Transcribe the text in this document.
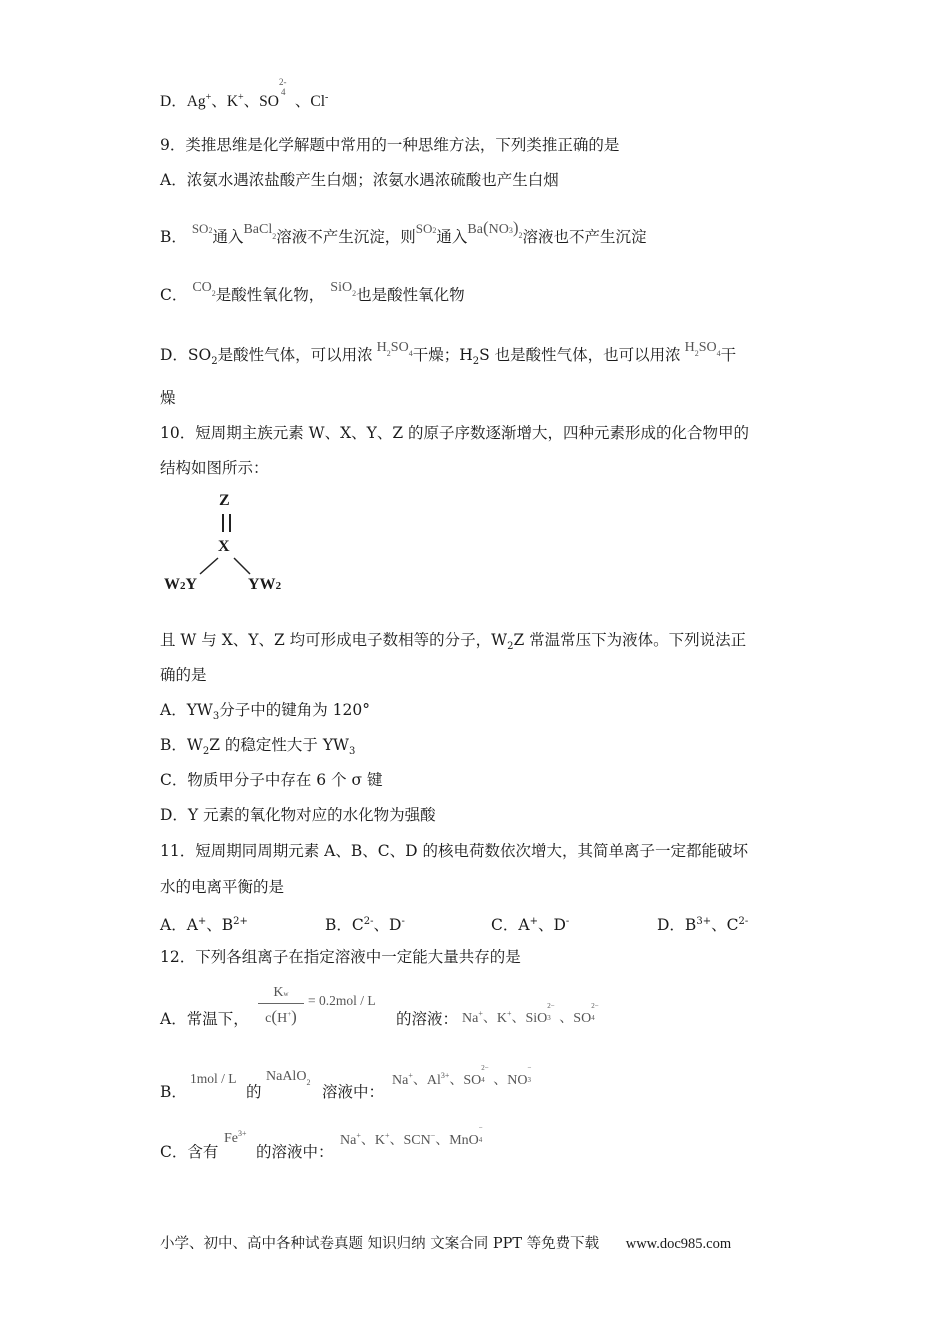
D．Ag+、K+、SO
2-
4
、Cl-
9．类推思维是化学解题中常用的一种思维方法，下列类推正确的是
A．浓氨水遇浓盐酸产生白烟；浓氨水遇浓硫酸也产生白烟
B． $^{SO2}$通入BaCl$_2$溶液不产生沉淀，则$^{SO2}$通入$Ba(NO3)_2$溶液也不产生沉淀
C． $CO_2$是酸性氧化物， SiO$_2$也是酸性氧化物
D．$SO_2$是酸性气体，可以用浓 $H_2SO_4$干燥；$H_2S$ 也是酸性气体，也可以用浓 $H_2SO_4$干
燥
10．短周期主族元素 W、X、Y、Z 的原子序数逐渐增大，四种元素形成的化合物甲的
结构如图所示：
Z
X
W2Y	YW2
且 W 与 X、Y、Z 均可形成电子数相等的分子，$W_2Z$ 常温常压下为液体。下列说法正
确的是
A．$YW_3$分子中的键角为 120°
B．$W_2Z$ 的稳定性大于 $YW_3$
C．物质甲分子中存在 6 个 σ 键
D．Y 元素的氧化物对应的水化物为强酸
11．短周期同周期元素 A、B、C、D 的核电荷数依次增大，其简单离子一定都能破坏
水的电离平衡的是
A．A+、$B^{2+}$	B．$C^{2-}$、D-	C．A+、D-	D．$B^{3+}$、$C^{2-}$
12．下列各组离子在指定溶液中一定能大量共存的是
A．常温下，
Kw
c(H+)
= 0.2mol / L
的溶液： Na+、K+、SiO
2−
3 、SO
2−
4
B．
1mol / L
的
NaAlO$_2$
溶液中：
Na+、$Al^{3+}$、SO
2−
4 、NO
−
3
C．含有
$Fe^{3+}$
的溶液中：
Na+、K+、SCN−、MnO
−
4
小学、初中、高中各种试卷真题 知识归纳 文案合同 PPT 等免费下载 www.doc985.com
